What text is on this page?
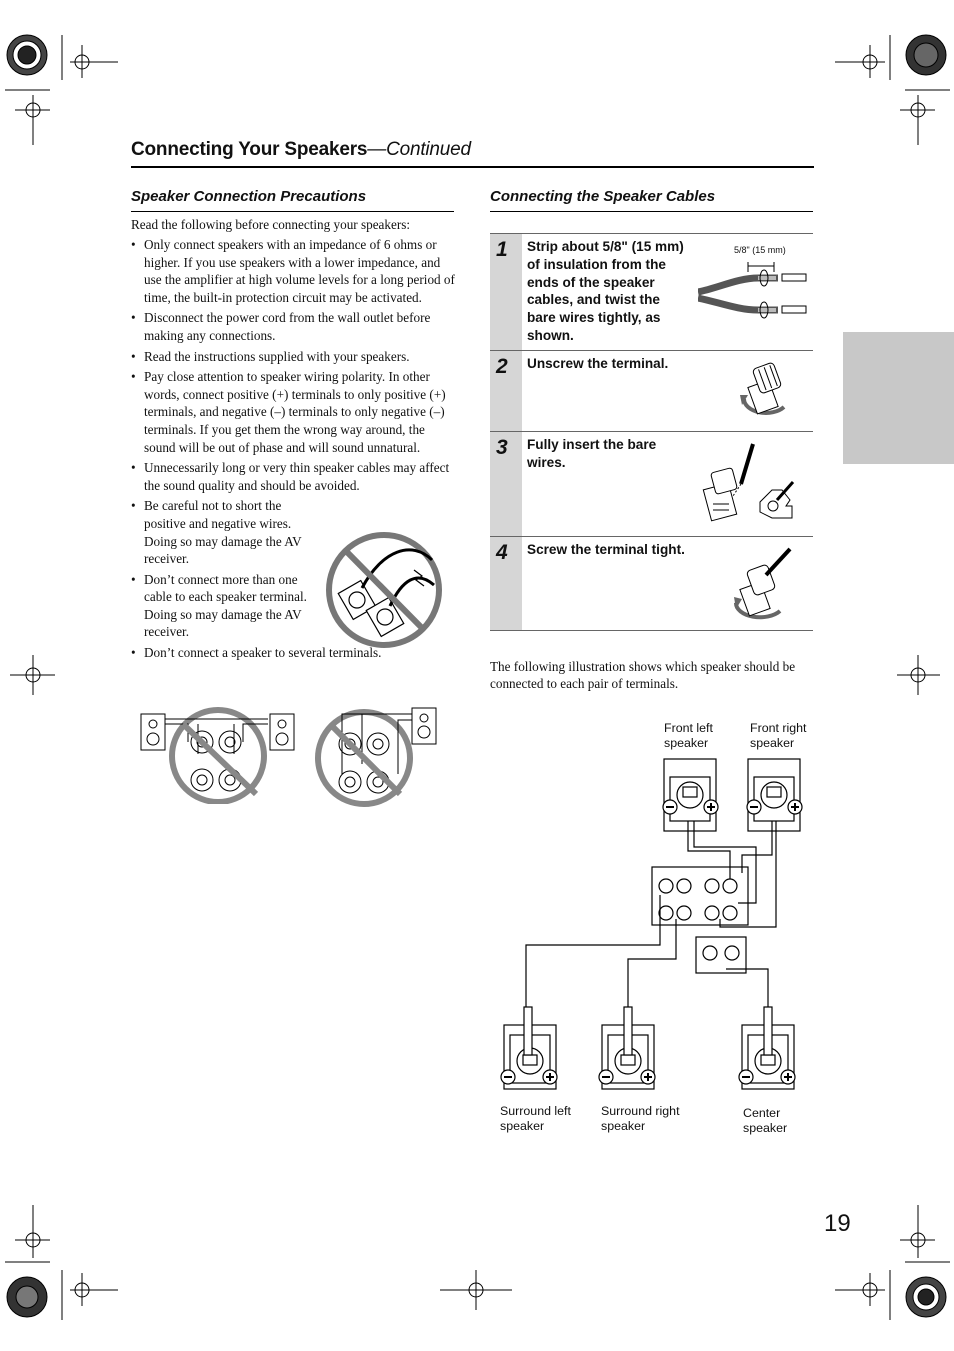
Connecting Your Speakers—Continued
Speaker Connection Precautions
Read the following before connecting your speakers:
• Only connect speakers with an impedance of 6 ohms or higher. If you use speakers with a lower impedance, and use the amplifier at high volume levels for a long period of time, the built-in protection circuit may be activated.
• Disconnect the power cord from the wall outlet before making any connections.
• Read the instructions supplied with your speakers.
• Pay close attention to speaker wiring polarity. In other words, connect positive (+) terminals to only positive (+) terminals, and negative (–) terminals to only negative (–) terminals. If you get them the wrong way around, the sound will be out of phase and will sound unnatural.
• Unnecessarily long or very thin speaker cables may affect the sound quality and should be avoided.
• Be careful not to short the positive and negative wires. Doing so may damage the AV receiver.
• Don’t connect more than one cable to each speaker terminal. Doing so may damage the AV receiver.
• Don’t connect a speaker to several terminals.
Connecting the Speaker Cables
1 Strip about 5/8" (15 mm) of insulation from the ends of the speaker cables, and twist the bare wires tightly, as shown.
5/8" (15 mm)
2 Unscrew the terminal.
3 Fully insert the bare wires.
4 Screw the terminal tight.
The following illustration shows which speaker should be connected to each pair of terminals.
Front left speaker
Front right speaker
Surround left speaker
Surround right speaker
Center speaker
19
